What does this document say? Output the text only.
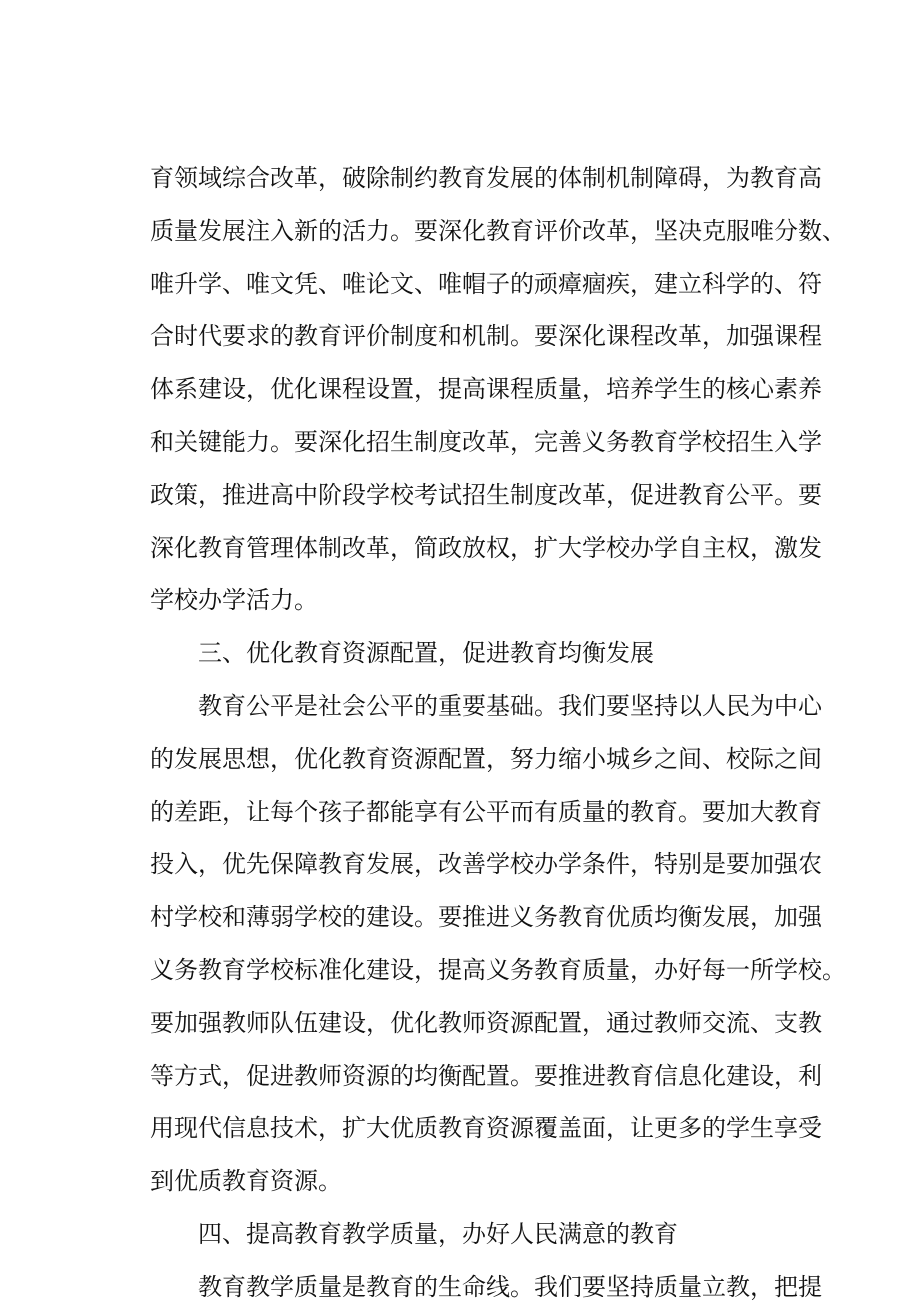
育领域综合改革，破除制约教育发展的体制机制障碍，为教育高
质量发展注入新的活力。要深化教育评价改革，坚决克服唯分数、
唯升学、唯文凭、唯论文、唯帽子的顽瘴痼疾，建立科学的、符
合时代要求的教育评价制度和机制。要深化课程改革，加强课程
体系建设，优化课程设置，提高课程质量，培养学生的核心素养
和关键能力。要深化招生制度改革，完善义务教育学校招生入学
政策，推进高中阶段学校考试招生制度改革，促进教育公平。要
深化教育管理体制改革，简政放权，扩大学校办学自主权，激发
学校办学活力。
三、优化教育资源配置，促进教育均衡发展
教育公平是社会公平的重要基础。我们要坚持以人民为中心
的发展思想，优化教育资源配置，努力缩小城乡之间、校际之间
的差距，让每个孩子都能享有公平而有质量的教育。要加大教育
投入，优先保障教育发展，改善学校办学条件，特别是要加强农
村学校和薄弱学校的建设。要推进义务教育优质均衡发展，加强
义务教育学校标准化建设，提高义务教育质量，办好每一所学校。
要加强教师队伍建设，优化教师资源配置，通过教师交流、支教
等方式，促进教师资源的均衡配置。要推进教育信息化建设，利
用现代信息技术，扩大优质教育资源覆盖面，让更多的学生享受
到优质教育资源。
四、提高教育教学质量，办好人民满意的教育
教育教学质量是教育的生命线。我们要坚持质量立教，把提
